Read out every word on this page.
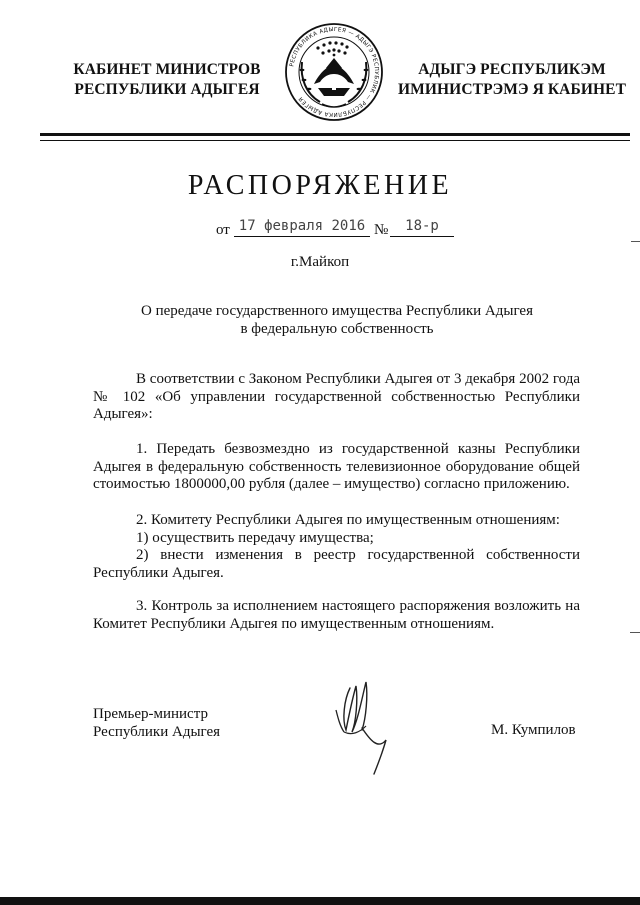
КАБИНЕТ МИНИСТРОВ
РЕСПУБЛИКИ АДЫГЕЯ
РЕСПУБЛИКА АДЫГЕЯ — АДЫГЭ РЕСПУБЛИК — РЕСПУБЛИКА АДЫГЕЯ
АДЫГЭ РЕСПУБЛИКЭМ
ИМИНИСТРЭМЭ Я КАБИНЕТ
РАСПОРЯЖЕНИЕ
от 17 февраля 2016 №	18-р
г.Майкоп
О передаче государственного имущества Республики Адыгея
в федеральную собственность
В соответствии с Законом Республики Адыгея от 3 декабря 2002 года
№ 102 «Об управлении государственной собственностью Республики
Адыгея»:
1. Передать безвозмездно из государственной казны Республики
Адыгея в федеральную собственность телевизионное оборудование общей
стоимостью 1800000,00 рубля (далее – имущество) согласно приложению.
2. Комитету Республики Адыгея по имущественным отношениям:
1) осуществить передачу имущества;
2) внести изменения в реестр государственной собственности
Республики Адыгея.
3. Контроль за исполнением настоящего распоряжения возложить на
Комитет Республики Адыгея по имущественным отношениям.
Премьер-министр
Республики Адыгея	М. Кумпилов
